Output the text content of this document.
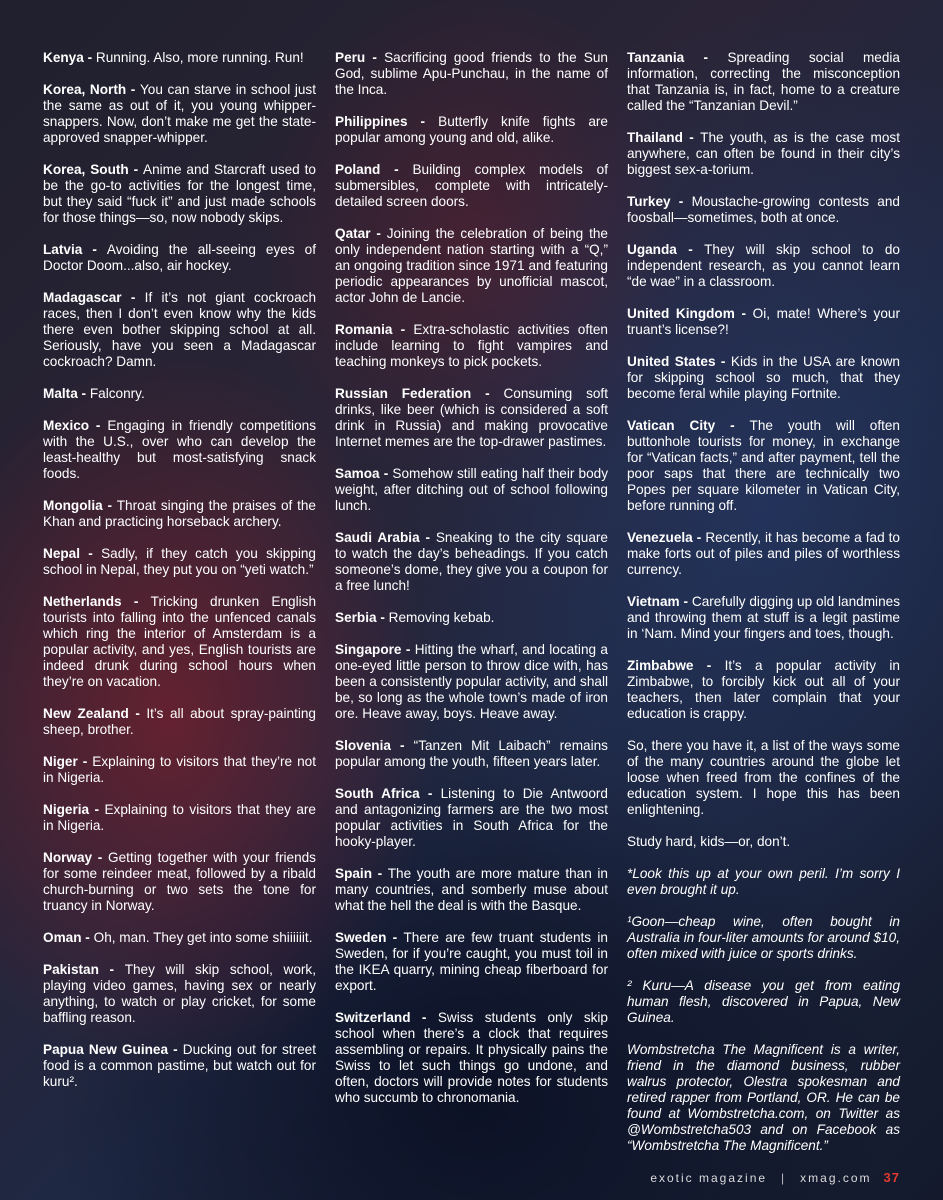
Kenya - Running. Also, more running. Run!

Korea, North - You can starve in school just the same as out of it, you young whipper-snappers. Now, don’t make me get the state-approved snapper-whipper.

Korea, South - Anime and Starcraft used to be the go-to activities for the longest time, but they said “fuck it” and just made schools for those things—so, now nobody skips.

Latvia - Avoiding the all-seeing eyes of Doctor Doom...also, air hockey.

Madagascar - If it’s not giant cockroach races, then I don’t even know why the kids there even bother skipping school at all. Seriously, have you seen a Madagascar cockroach? Damn.

Malta - Falconry.

Mexico - Engaging in friendly competitions with the U.S., over who can develop the least-healthy but most-satisfying snack foods.

Mongolia - Throat singing the praises of the Khan and practicing horseback archery.

Nepal - Sadly, if they catch you skipping school in Nepal, they put you on “yeti watch.”

Netherlands - Tricking drunken English tourists into falling into the unfenced canals which ring the interior of Amsterdam is a popular activity, and yes, English tourists are indeed drunk during school hours when they’re on vacation.

New Zealand - It’s all about spray-painting sheep, brother.

Niger - Explaining to visitors that they’re not in Nigeria.

Nigeria - Explaining to visitors that they are in Nigeria.

Norway - Getting together with your friends for some reindeer meat, followed by a ribald church-burning or two sets the tone for truancy in Norway.

Oman - Oh, man. They get into some shiiiiiit.

Pakistan - They will skip school, work, playing video games, having sex or nearly anything, to watch or play cricket, for some baffling reason.

Papua New Guinea - Ducking out for street food is a common pastime, but watch out for kuru².

Peru - Sacrificing good friends to the Sun God, sublime Apu-Punchau, in the name of the Inca.

Philippines - Butterfly knife fights are popular among young and old, alike.

Poland - Building complex models of submersibles, complete with intricately-detailed screen doors.

Qatar - Joining the celebration of being the only independent nation starting with a “Q,” an ongoing tradition since 1971 and featuring periodic appearances by unofficial mascot, actor John de Lancie.

Romania - Extra-scholastic activities often include learning to fight vampires and teaching monkeys to pick pockets.

Russian Federation - Consuming soft drinks, like beer (which is considered a soft drink in Russia) and making provocative Internet memes are the top-drawer pastimes.

Samoa - Somehow still eating half their body weight, after ditching out of school following lunch.

Saudi Arabia - Sneaking to the city square to watch the day’s beheadings. If you catch someone’s dome, they give you a coupon for a free lunch!

Serbia - Removing kebab.

Singapore - Hitting the wharf, and locating a one-eyed little person to throw dice with, has been a consistently popular activity, and shall be, so long as the whole town’s made of iron ore. Heave away, boys. Heave away.

Slovenia - “Tanzen Mit Laibach” remains popular among the youth, fifteen years later.

South Africa - Listening to Die Antwoord and antagonizing farmers are the two most popular activities in South Africa for the hooky-player.

Spain - The youth are more mature than in many countries, and somberly muse about what the hell the deal is with the Basque.

Sweden - There are few truant students in Sweden, for if you’re caught, you must toil in the IKEA quarry, mining cheap fiberboard for export.

Switzerland - Swiss students only skip school when there’s a clock that requires assembling or repairs. It physically pains the Swiss to let such things go undone, and often, doctors will provide notes for students who succumb to chronomania.

Tanzania - Spreading social media information, correcting the misconception that Tanzania is, in fact, home to a creature called the “Tanzanian Devil.”

Thailand - The youth, as is the case most anywhere, can often be found in their city’s biggest sex-a-torium.

Turkey - Moustache-growing contests and foosball—sometimes, both at once.

Uganda - They will skip school to do independent research, as you cannot learn “de wae” in a classroom.

United Kingdom - Oi, mate! Where’s your truant’s license?!

United States - Kids in the USA are known for skipping school so much, that they become feral while playing Fortnite.

Vatican City - The youth will often buttonhole tourists for money, in exchange for “Vatican facts,” and after payment, tell the poor saps that there are technically two Popes per square kilometer in Vatican City, before running off.

Venezuela - Recently, it has become a fad to make forts out of piles and piles of worthless currency.

Vietnam - Carefully digging up old landmines and throwing them at stuff is a legit pastime in ‘Nam. Mind your fingers and toes, though.

Zimbabwe - It’s a popular activity in Zimbabwe, to forcibly kick out all of your teachers, then later complain that your education is crappy.

So, there you have it, a list of the ways some of the many countries around the globe let loose when freed from the confines of the education system. I hope this has been enlightening.

Study hard, kids—or, don’t.

*Look this up at your own peril. I’m sorry I even brought it up.

¹Goon—cheap wine, often bought in Australia in four-liter amounts for around $10, often mixed with juice or sports drinks.

² Kuru—A disease you get from eating human flesh, discovered in Papua, New Guinea.

Wombstretcha The Magnificent is a writer, friend in the diamond business, rubber walrus protector, Olestra spokesman and retired rapper from Portland, OR. He can be found at Wombstretcha.com, on Twitter as @Wombstretcha503 and on Facebook as “Wombstretcha The Magnificent.”

exotic magazine | xmag.com 37
